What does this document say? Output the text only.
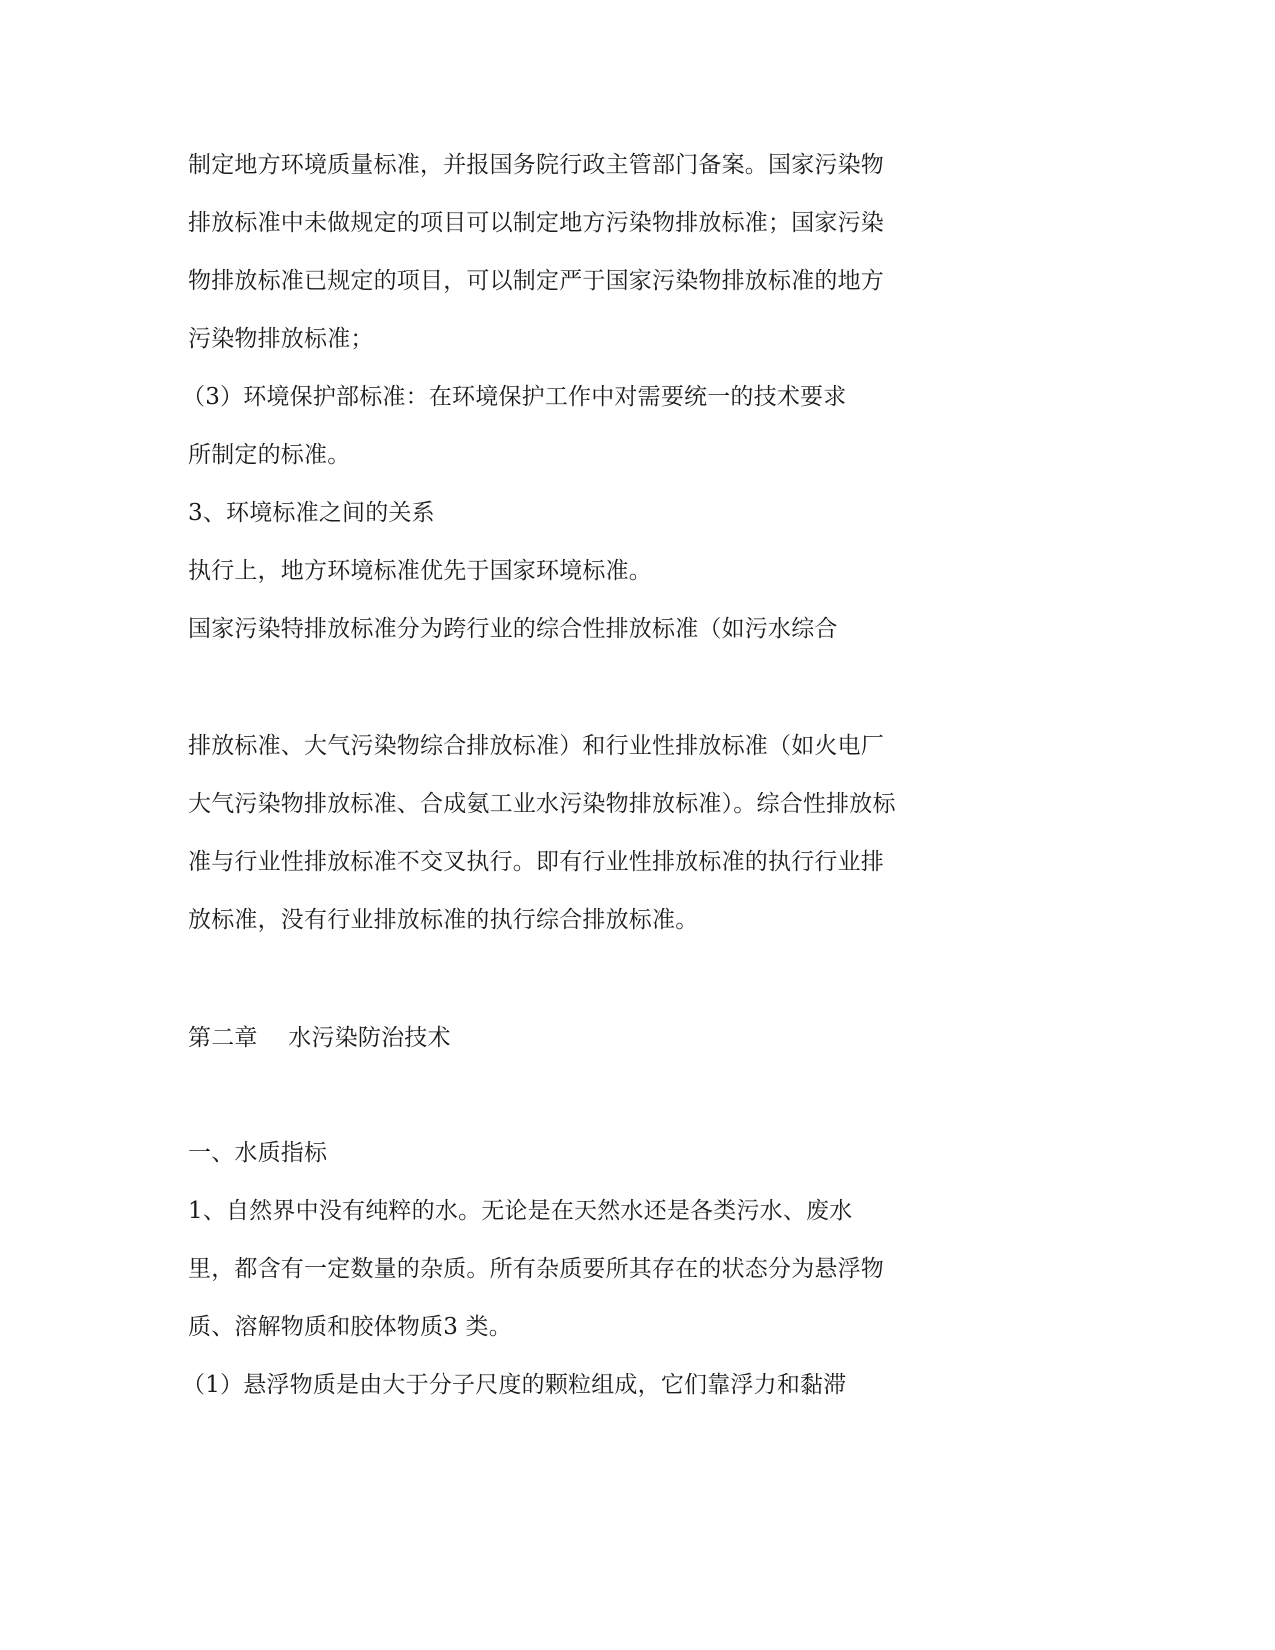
制定地方环境质量标准，并报国务院行政主管部门备案。国家污染物
排放标准中未做规定的项目可以制定地方污染物排放标准；国家污染
物排放标准已规定的项目，可以制定严于国家污染物排放标准的地方
污染物排放标准；
（3）环境保护部标准：在环境保护工作中对需要统一的技术要求
所制定的标准。
3、环境标准之间的关系
执行上，地方环境标准优先于国家环境标准。
国家污染特排放标准分为跨行业的综合性排放标准（如污水综合
排放标准、大气污染物综合排放标准）和行业性排放标准（如火电厂
大气污染物排放标准、合成氨工业水污染物排放标准）。综合性排放标
准与行业性排放标准不交叉执行。即有行业性排放标准的执行行业排
放标准，没有行业排放标准的执行综合排放标准。
第二章　 水污染防治技术
一、水质指标
1、自然界中没有纯粹的水。无论是在天然水还是各类污水、废水
里，都含有一定数量的杂质。所有杂质要所其存在的状态分为悬浮物
质、溶解物质和胶体物质3 类。
（1）悬浮物质是由大于分子尺度的颗粒组成，它们靠浮力和黏滞
